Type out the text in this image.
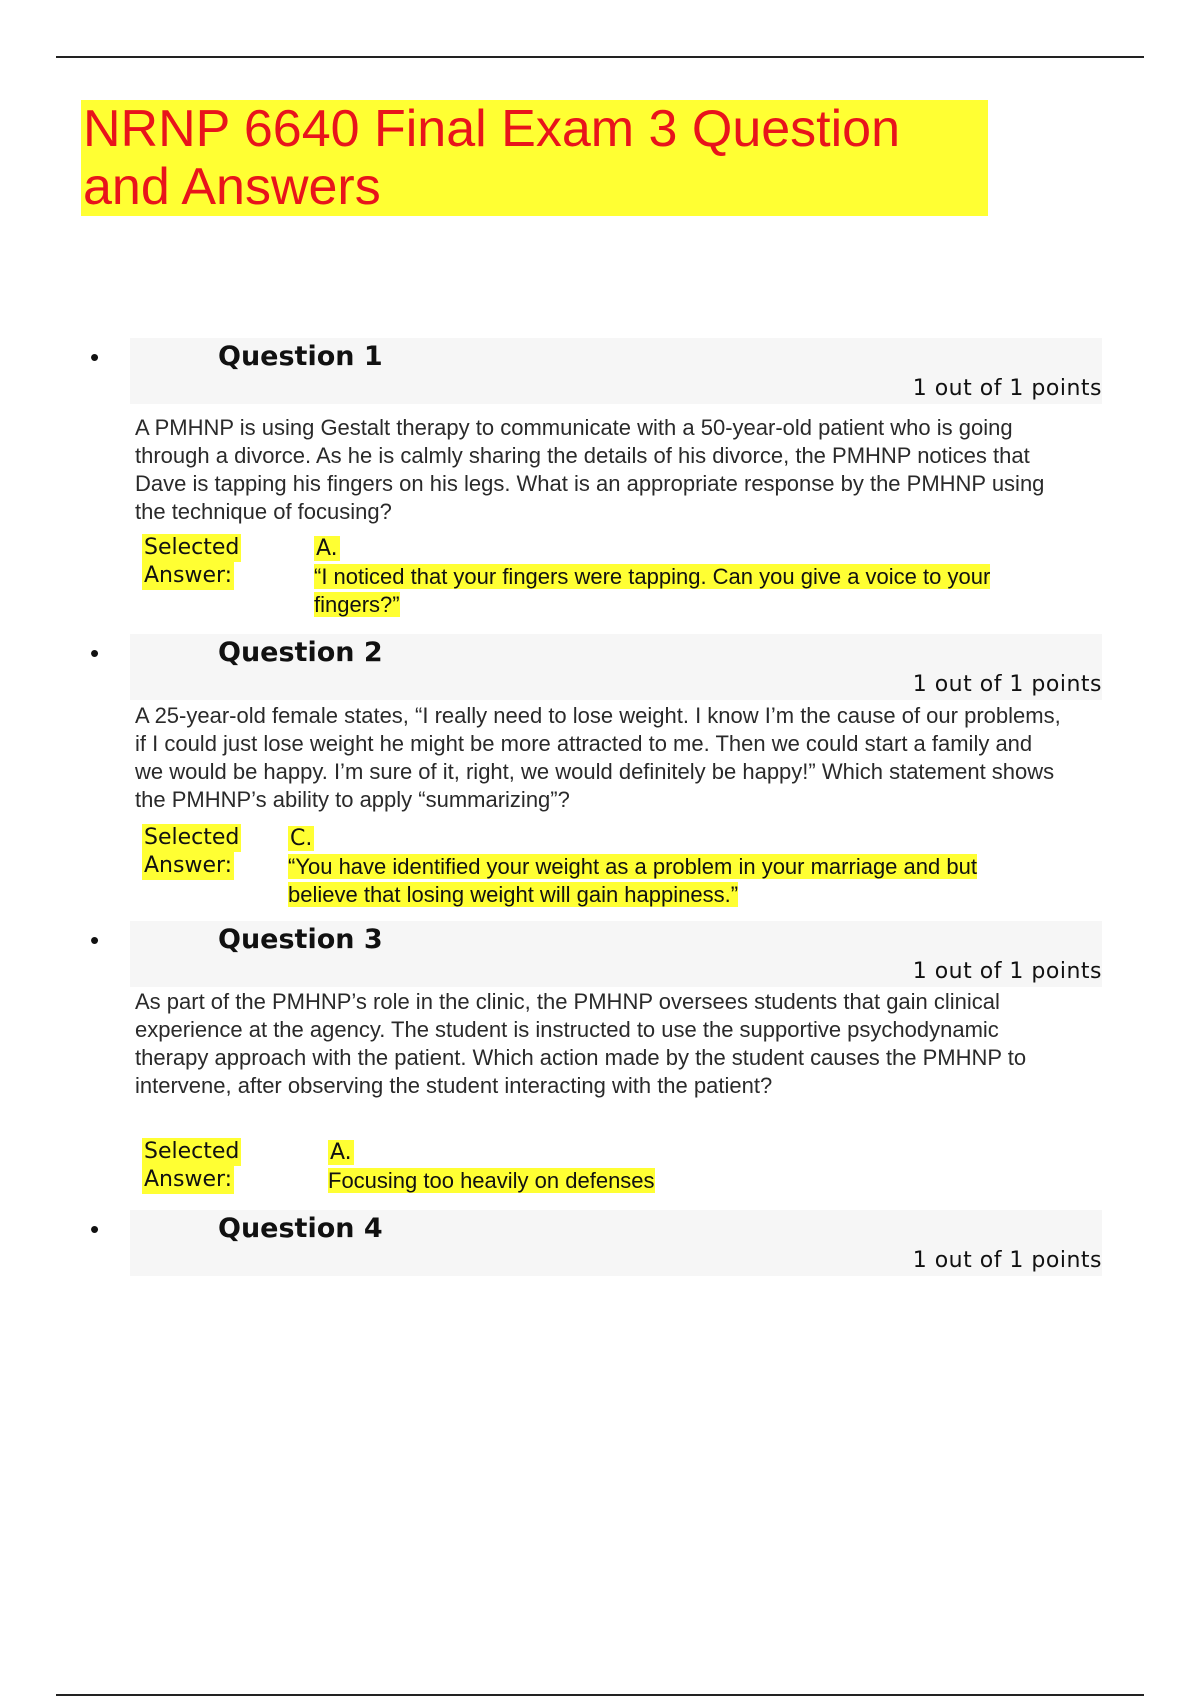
NRNP 6640 Final Exam 3 Question and Answers
•	Question 1
1 out of 1 points

A PMHNP is using Gestalt therapy to communicate with a 50-year-old patient who is going through a divorce. As he is calmly sharing the details of his divorce, the PMHNP notices that Dave is tapping his fingers on his legs. What is an appropriate response by the PMHNP using the technique of focusing?

Selected
Answer:
A.
“I noticed that your fingers were tapping. Can you give a voice to your fingers?”
•	Question 2
1 out of 1 points

A 25-year-old female states, “I really need to lose weight. I know I’m the cause of our problems, if I could just lose weight he might be more attracted to me. Then we could start a family and we would be happy. I’m sure of it, right, we would definitely be happy!” Which statement shows the PMHNP’s ability to apply “summarizing”?

Selected
Answer:
C.
“You have identified your weight as a problem in your marriage and but believe that losing weight will gain happiness.”
•	Question 3
1 out of 1 points

As part of the PMHNP’s role in the clinic, the PMHNP oversees students that gain clinical experience at the agency. The student is instructed to use the supportive psychodynamic therapy approach with the patient. Which action made by the student causes the PMHNP to intervene, after observing the student interacting with the patient?

Selected
Answer:
A.
Focusing too heavily on defenses
•	Question 4
1 out of 1 points
